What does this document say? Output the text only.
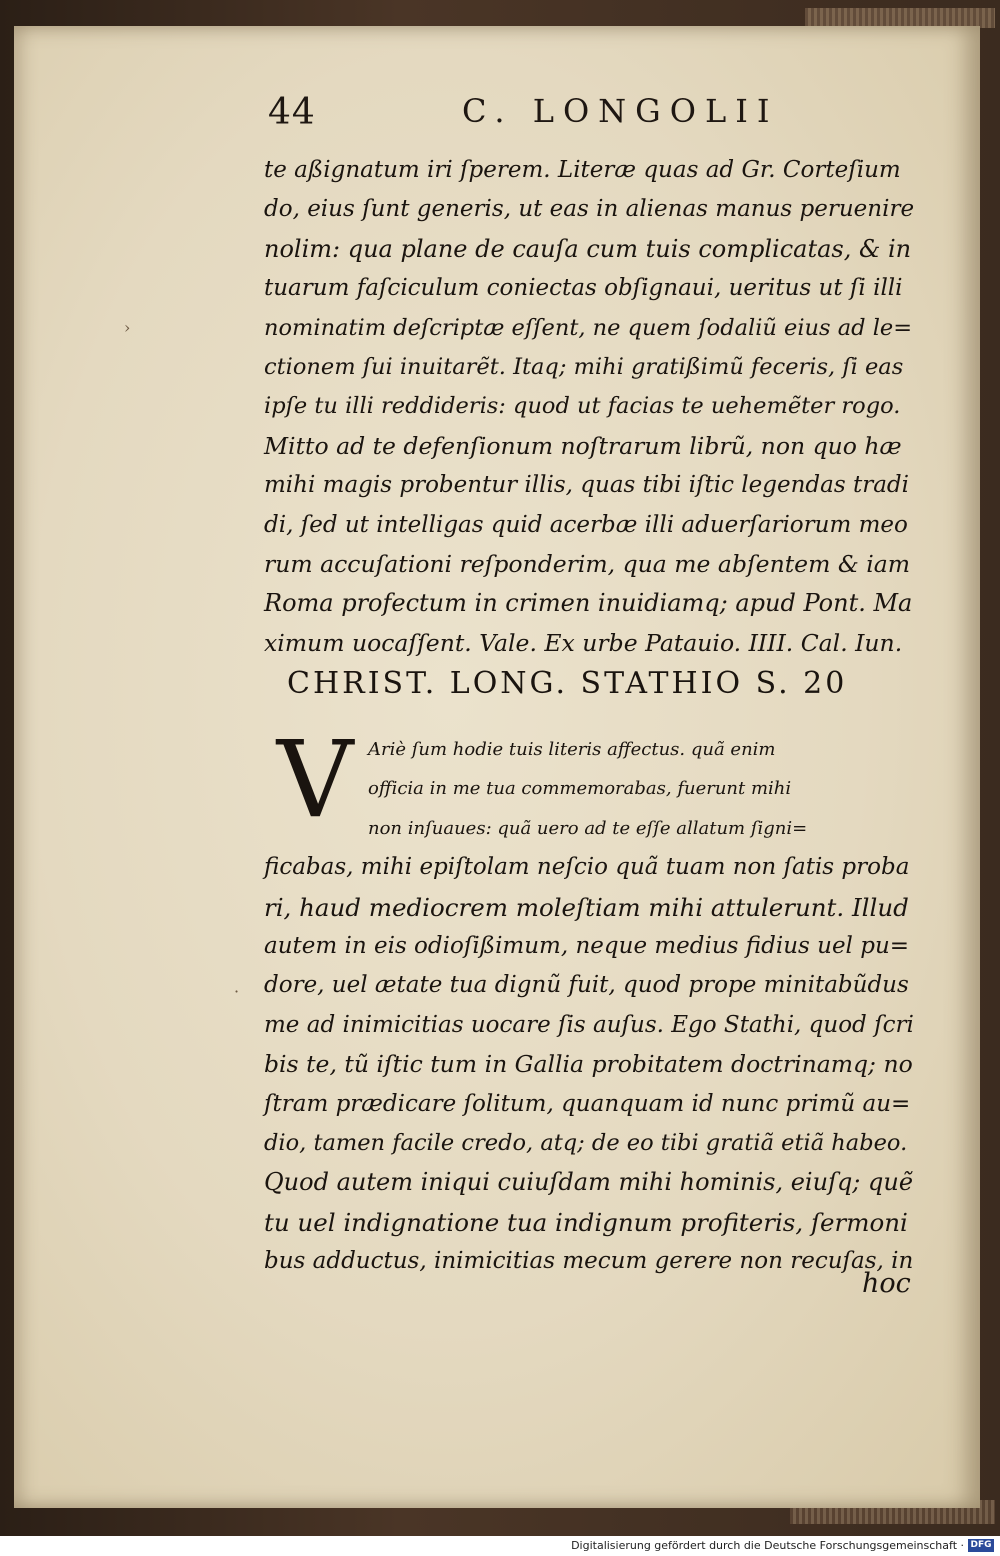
44	C. LONGOLII
›
·
te aßignatum iri ſperem. Literæ quas ad Gr. Corteſium
do, eius ſunt generis, ut eas in alienas manus peruenire
nolim: qua plane de cauſa cum tuis complicatas, & in
tuarum faſciculum coniectas obſignaui, ueritus ut ſi illi
nominatim deſcriptæ eſſent, ne quem ſodaliũ eius ad le=
ctionem ſui inuitarẽt. Itaq; mihi gratißimũ feceris, ſi eas
ipſe tu illi reddideris: quod ut facias te uehemẽter rogo.
Mitto ad te defenſionum noſtrarum librũ, non quo hæ
mihi magis probentur illis, quas tibi iſtic legendas tradi
di, ſed ut intelligas quid acerbæ illi aduerſariorum meo
rum accuſationi reſponderim, qua me abſentem & iam
Roma profectum in crimen inuidiamq; apud Pont. Ma
ximum uocaſſent. Vale. Ex urbe Patauio. IIII. Cal. Iun.
CHRIST. LONG. STATHIO S. 20
V Ariè ſum hodie tuis literis affectus. quã enim
officia in me tua commemorabas, fuerunt mihi
non inſuaues: quã uero ad te eſſe allatum ſigni=
ficabas, mihi epiſtolam neſcio quã tuam non ſatis proba
ri, haud mediocrem moleſtiam mihi attulerunt. Illud
autem in eis odioſißimum, neque medius fidius uel pu=
dore, uel ætate tua dignũ fuit, quod prope minitabũdus
me ad inimicitias uocare ſis auſus. Ego Stathi, quod ſcri
bis te, tũ iſtic tum in Gallia probitatem doctrinamq; no
ſtram prædicare ſolitum, quanquam id nunc primũ au=
dio, tamen facile credo, atq; de eo tibi gratiã etiã habeo.
Quod autem iniqui cuiuſdam mihi hominis, eiuſq; quẽ
tu uel indignatione tua indignum profiteris, ſermoni
bus adductus, inimicitias mecum gerere non recuſas, in
hoc
Digitalisierung gefördert durch die Deutsche Forschungsgemeinschaft · DFG
